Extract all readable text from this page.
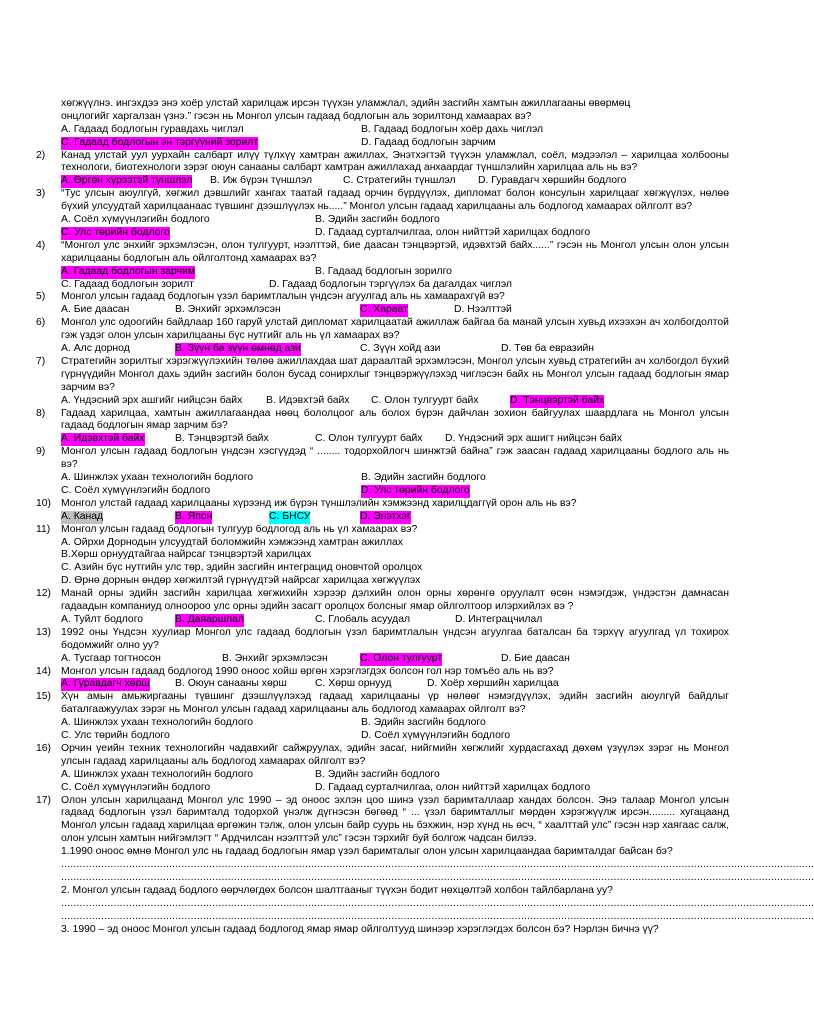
хөгжүүлнэ. ингэхдээ энэ хоёр улстай харилцаж ирсэн түүхэн уламжлал, эдийн засгийн хамтын ажиллагааны өвөрмөц
онцлогийг харгалзан үзнэ.” гэсэн нь Монгол улсын гадаад бодлогын аль зорилтонд хамаарах вэ?
А. Гадаад бодлогын гуравдахь чиглэл	В. Гадаад бодлогын хоёр дахь чиглэл
С. Гадаад бодлогын эн тэргүүний зорилт	D. Гадаад бодлогын зарчим
2) Канад улстай уул уурхайн салбарт илүү түлхүү хамтран ажиллах, Энэтхэгтэй түүхэн уламжлал, соёл, мэдээлэл – харилцаа холбооны технологи, биотехнологи зэрэг оюун санааны салбарт хамтран ажиллахад анхаардаг түншлэлийн харилцаа аль нь вэ?
А. Өргөн хүрээтэй түншлэл В. Иж бүрэн түншлэл	С. Стратегийн түншлэл D. Гуравдагч хөршийн бодлого
3) “Тус улсын аюулгүй, хөгжил дэвшлийг хангах таатай гадаад орчин бүрдүүлэх, дипломат болон консулын харилцааг хөгжүүлэх, нөлөө бүхий улсуудтай харилцаанаас түвшинг дээшлүүлэх нь.....” Монгол улсын гадаад харилцааны аль бодлогод хамаарах ойлголт вэ?
А. Соёл хүмүүнлэгийн бодлого	В. Эдийн засгийн бодлого
С. Улс төрийн бодлого	D. Гадаад сурталчилгаа, олон нийттэй харилцах бодлого
4) “Монгол улс энхийг эрхэмлэсэн, олон тулгуурт, нээлттэй, бие даасан тэнцвэртэй, идэвхтэй байх......” гэсэн нь Монгол улсын олон улсын харилцааны бодлогын аль ойлголтонд хамаарах вэ?
А. Гадаад бодлогын зарчим	В. Гадаад бодлогын зорилго
С. Гадаад бодлогын зорилт	D. Гадаад бодлогын тэргүүлэх ба дагалдах чиглэл
5) Монгол улсын гадаад бодлогын үзэл баримтлалын үндсэн агуулгад аль нь хамаарахгүй вэ?
А. Бие даасан	В. Энхийг эрхэмлэсэн	С. Хараат	D. Нээлттэй
6) Монгол улс одоогийн байдлаар 160 гаруй улстай дипломат харилцаатай ажиллаж байгаа ба манай улсын хувьд ихээхэн ач холбогдолтой гэж үздэг олон улсын харилцааны бүс нутгийг аль нь үл хамаарах вэ?
А. Алс дорнод	В. Зүүн ба зүүн өмнөд ази	С. Зүүн хойд ази	D. Төв ба евразийн
7) Стратегийн зорилтыг хэрэгжүүлэхийн төлөө ажиллахдаа шат дараалтай эрхэмлэсэн, Монгол улсын хувьд стратегийн ач холбогдол бүхий гүрнүүдийн Монгол дахь эдийн засгийн болон бусад сонирхлыг тэнцвэржүүлэхэд чиглэсэн байх нь Монгол улсын гадаад бодлогын ямар зарчим вэ?
А. Үндэсний эрх ашгийг нийцсэн байх В. Идэвхтэй байх С. Олон тулгуурт байх	D. Тэнцвэртэй байх
8) Гадаад харилцаа, хамтын ажиллагаандаа нөөц бололцоог аль болох бүрэн дайчлан зохион байгуулах шаардлага нь Монгол улсын гадаад бодлогын ямар зарчим бэ?
А. Идэвхтэй байх	В. Тэнцвэртэй байх	С. Олон тулгуурт байх D. Үндэсний эрх ашигт нийцсэн байх
9) Монгол улсын гадаад бодлогын үндсэн хэсгүүдэд “ ........ тодорхойлогч шинжтэй байна” гэж заасан гадаад харилцааны бодлого аль нь вэ?
А. Шинжлэх ухаан технологийн бодлого	В. Эдийн засгийн бодлого
С. Соёл хүмүүнлэгийн бодлого	D. Улс төрийн бодлого
10) Монгол улстай гадаад харилцааны хүрээнд иж бүрэн түншлэлийн хэмжээнд харилцдаггүй орон аль нь вэ?
А. Канад	В. Япон	С. БНСУ	D. Энэтхэг
11) Монгол улсын гадаад бодлогын тулгуур бодлогод аль нь үл хамаарах вэ?
А. Ойрхи Дорнодын улсуудтай боломжийн хэмжээнд хамтран ажиллах
В.Хөрш орнуудтайгаа найрсаг тэнцвэртэй харилцах
С. Азийн бүс нутгийн улс төр, эдийн засгийн интеграцид оновчтой оролцох
D. Өрнө дорнын өндөр хөгжилтэй гүрнүүдтэй найрсаг харилцаа хөгжүүлэх
12) Манай орны эдийн засгийн харилцаа хөгжихийн хэрээр дэлхийн олон орны хөрөнгө оруулалт өсөн нэмэгдэж, үндэстэн дамнасан гадаадын компаниуд олноороо улс орны эдийн засагт оролцох болсныг ямар ойлголтоор илэрхийлэх вэ ?
А. Туйлт бодлого	В. Даяаршлал	С. Глобаль асуудал	D. Интеграцчилал
13) 1992 оны Үндсэн хуулиар Монгол улс гадаад бодлогын үзэл баримтлалын үндсэн агуулгаа баталсан ба тэрхүү агуулгад үл тохирох бодомжийг олно уу?
А. Тусгаар тогтносон	В. Энхийг эрхэмлэсэн	С. Олон тулгуурт	D. Бие даасан
14) Монгол улсын гадаад бодлогод 1990 оноос хойш өргөн хэрэглэгдэх болсон гол нэр томъёо аль нь вэ?
А. Гуравдагч хөрш В. Оюун санааны хөрш	С. Хөрш орнууд	D. Хоёр хөршийн харилцаа
15) Хүн амын амьжиргааны түвшинг дээшлүүлэхэд гадаад харилцааны үр нөлөөг нэмэгдүүлэх, эдийн засгийн аюулгүй байдлыг баталгаажуулах зэрэг нь Монгол улсын гадаад харилцааны аль бодлогод хамаарах ойлголт вэ?
А. Шинжлэх ухаан технологийн бодлого	В. Эдийн засгийн бодлого
С. Улс төрийн бодлого	D. Соёл хүмүүнлэгийн бодлого
16) Орчин үеийн техник технологийн чадавхийг сайжруулах, эдийн засаг, нийгмийн хөгжлийг хурдасгахад дөхөм үзүүлэх зэрэг нь Монгол улсын гадаад харилцааны аль бодлогод хамаарах ойлголт вэ?
А. Шинжлэх ухаан технологийн бодлого	В. Эдийн засгийн бодлого
С. Соёл хүмүүнлэгийн бодлого	D. Гадаад сурталчилгаа, олон нийттэй харилцах бодлого
17) Олон улсын харилцаанд Монгол улс 1990 – эд оноос эхлэн цоо шинэ үзэл баримталлаар хандах болсон. Энэ талаар Монгол улсын гадаад бодлогын үзэл баримталд тодорхой үнэлж дүгнэсэн бөгөөд “ ... үзэл баримталлыг мөрдөн хэрэгжүүлж ирсэн......... хугацаанд Монгол улсын гадаад харилцаа өргөжин тэлж, олон улсын байр суурь нь бэхжин, нэр хүнд нь өсч, “ хаалттай улс” гэсэн нэр хаягаас салж, олон улсын хамтын нийгэмлэгт “ Ардчилсан нээлттэй улс” гэсэн тэрхийг буй болгож чадсан билээ.
1.1990 оноос өмнө Монгол улс нь гадаад бодлогын ямар үзэл баримталыг олон улсын харилцаандаа баримталдаг байсан бэ?
....................................................................................................................................................................................................................................................
....................................................................................................................................................................................................................................................
2. Монгол улсын гадаад бодлого өөрчлөгдөх болсон шалтгааныг түүхэн бодит нөхцөлтэй холбон тайлбарлана уу?
....................................................................................................................................................................................................................................................
....................................................................................................................................................................................................................................................
3. 1990 – эд оноос Монгол улсын гадаад бодлогод ямар ямар ойлголтууд шинээр хэрэглэгдэх болсон бэ? Нэрлэн бичнэ үү?
